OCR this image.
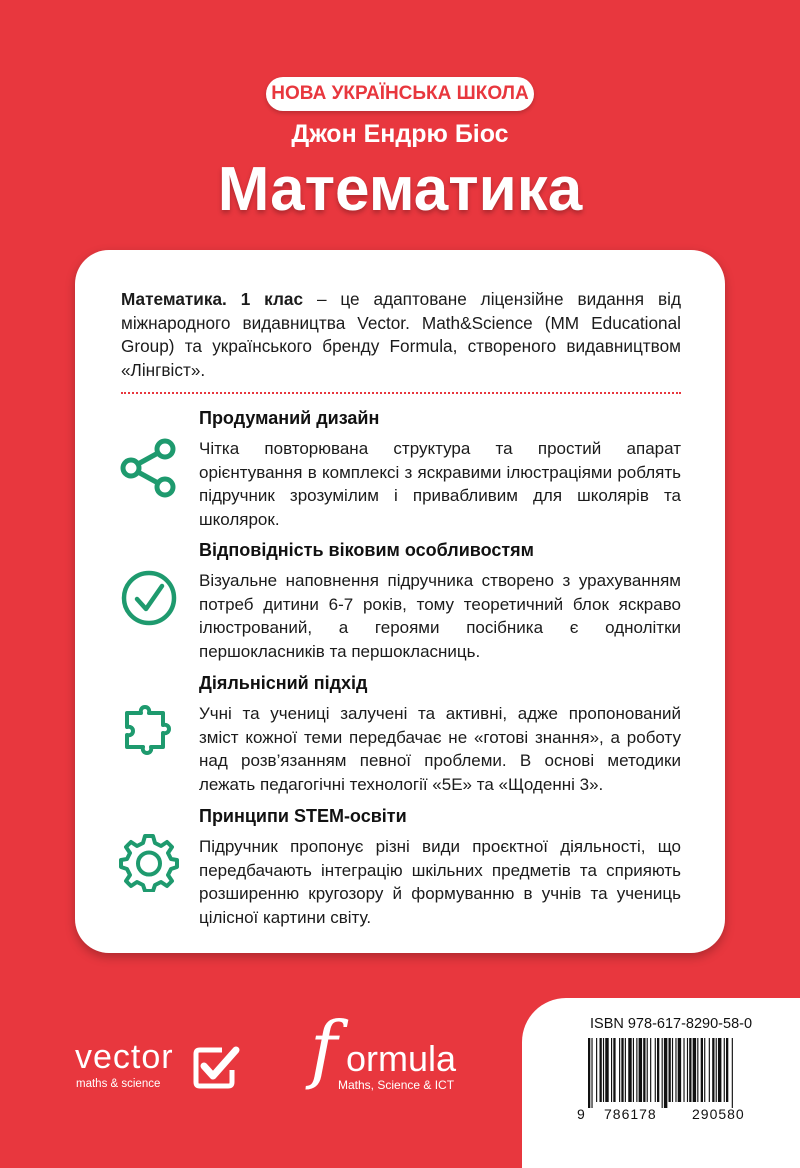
НОВА УКРАЇНСЬКА ШКОЛА
Джон Ендрю Біос
Математика
Математика. 1 клас – це адаптоване ліцензійне видання від міжнародного видавництва Vector. Math&Science (MM Educational Group) та українського бренду Formula, створеного видавництвом «Лінгвіст».
Продуманий дизайн
Чітка повторювана структура та простий апарат орієнтування в комплексі з яскравими ілюстраціями роблять підручник зрозумілим і привабливим для школярів та школярок.
Відповідність віковим особливостям
Візуальне наповнення підручника створено з урахуванням потреб дитини 6-7 років, тому теоретичний блок яскраво ілюстрований, а героями посібника є однолітки першокласників та першокласниць.
Діяльнісний підхід
Учні та учениці залучені та активні, адже пропонований зміст кожної теми передбачає не «готові знання», а роботу над розв’язанням певної проблеми. В основі методики лежать педагогічні технології «5Е» та «Щоденні 3».
Принципи STEM-освіти
Підручник пропонує різні види проєктної діяльності, що передбачають інтеграцію шкільних предметів та сприяють розширенню кругозору й формуванню в учнів та учениць цілісної картини світу.
vector
maths & science f ormula
Maths, Science & ICT
ISBN 978-617-8290-58-0
9 786178	290580
